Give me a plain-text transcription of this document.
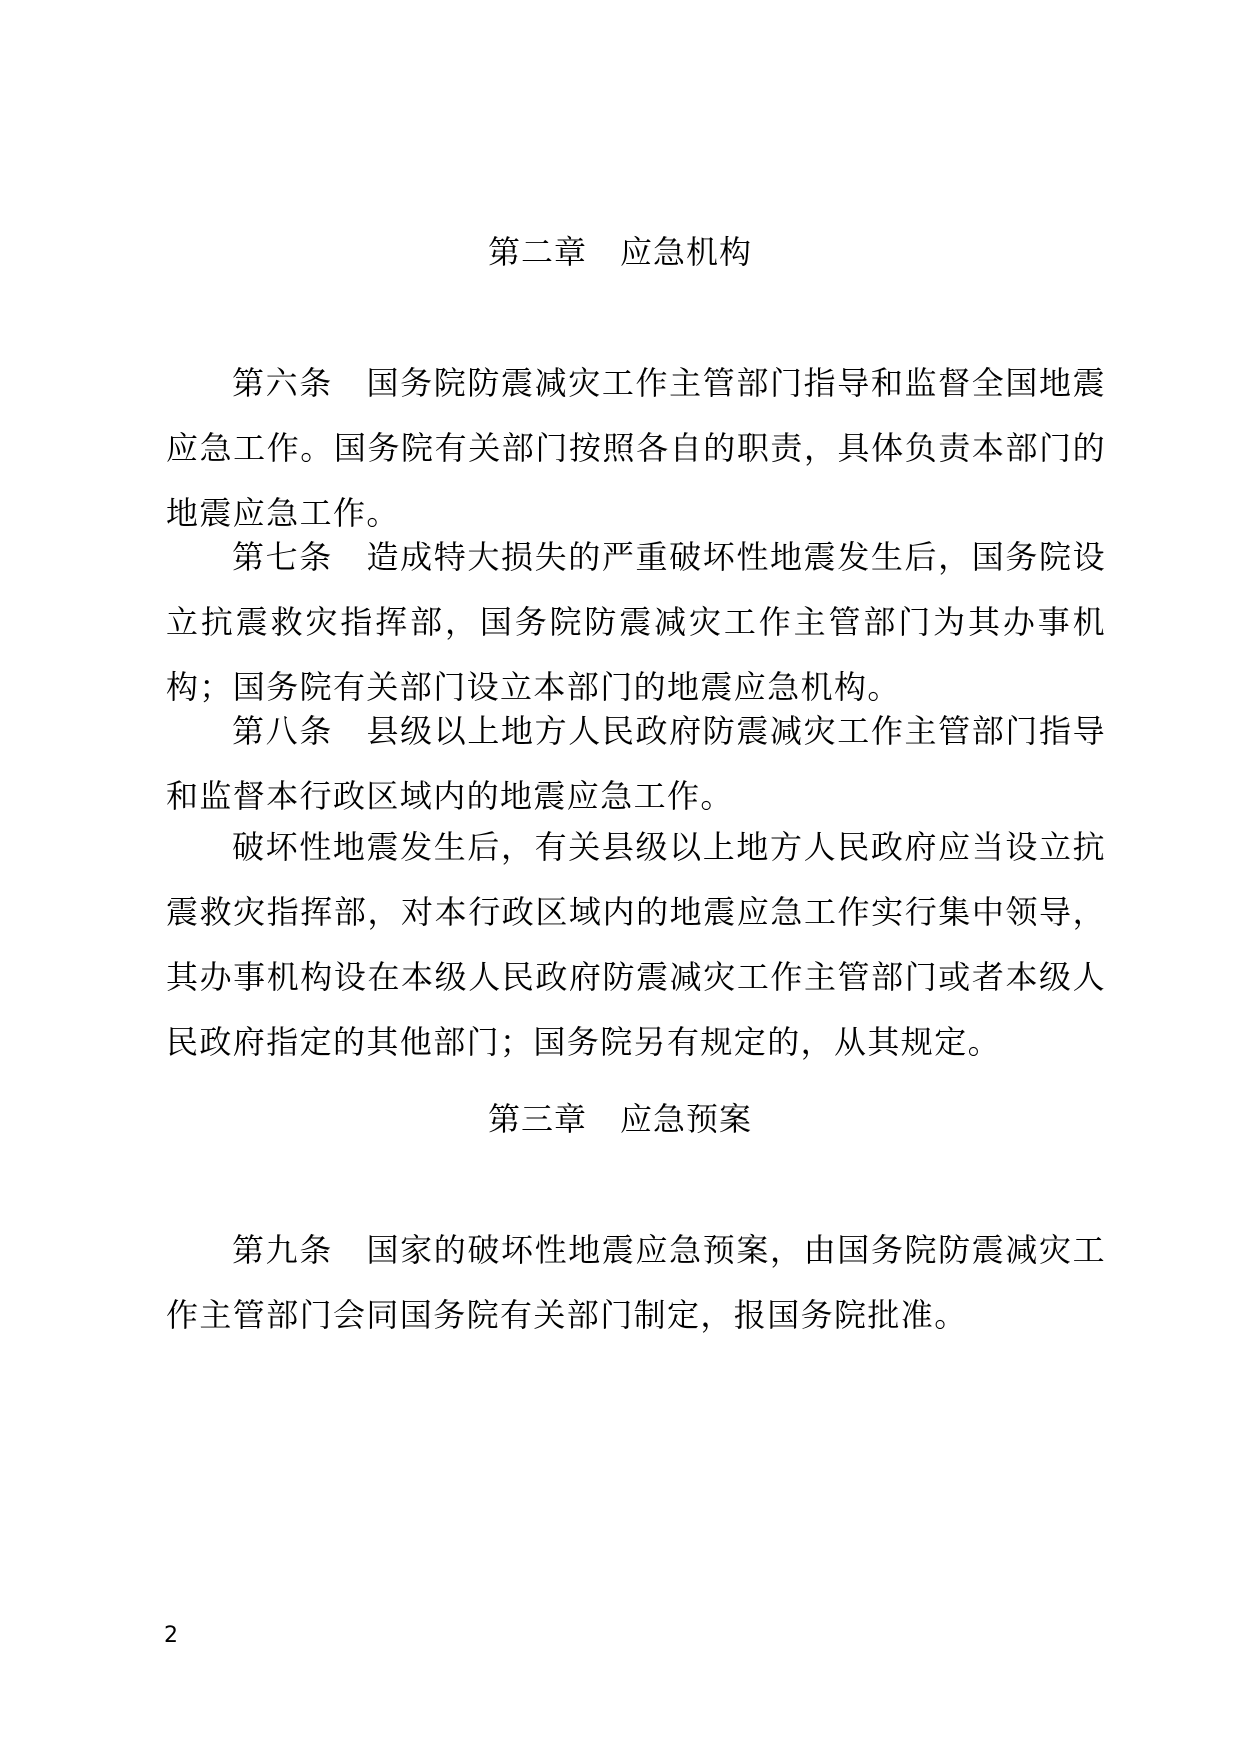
第二章　应急机构
第六条　国务院防震减灾工作主管部门指导和监督全国地震应急工作。国务院有关部门按照各自的职责，具体负责本部门的地震应急工作。
第七条　造成特大损失的严重破坏性地震发生后，国务院设立抗震救灾指挥部，国务院防震减灾工作主管部门为其办事机构；国务院有关部门设立本部门的地震应急机构。
第八条　县级以上地方人民政府防震减灾工作主管部门指导和监督本行政区域内的地震应急工作。
破坏性地震发生后，有关县级以上地方人民政府应当设立抗震救灾指挥部，对本行政区域内的地震应急工作实行集中领导，其办事机构设在本级人民政府防震减灾工作主管部门或者本级人民政府指定的其他部门；国务院另有规定的，从其规定。
第三章　应急预案
第九条　国家的破坏性地震应急预案，由国务院防震减灾工作主管部门会同国务院有关部门制定，报国务院批准。
2
